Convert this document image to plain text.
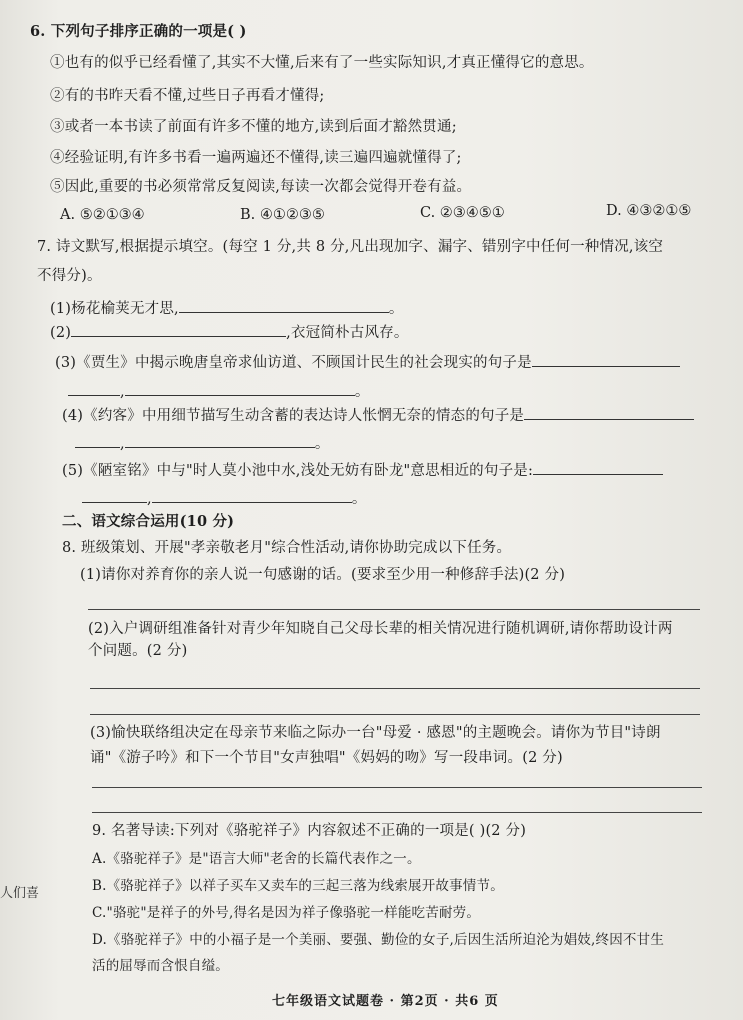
6. 下列句子排序正确的一项是( )
①也有的似乎已经看懂了,其实不大懂,后来有了一些实际知识,才真正懂得它的意思。
②有的书昨天看不懂,过些日子再看才懂得;
③或者一本书读了前面有许多不懂的地方,读到后面才豁然贯通;
④经验证明,有许多书看一遍两遍还不懂得,读三遍四遍就懂得了;
⑤因此,重要的书必须常常反复阅读,每读一次都会觉得开卷有益。
A. ⑤②①③④	B. ④①②③⑤	C. ②③④⑤①	D. ④③②①⑤
7. 诗文默写,根据提示填空。(每空 1 分,共 8 分,凡出现加字、漏字、错别字中任何一种情况,该空
不得分)。
(1)杨花榆荚无才思,	。
(2)	,衣冠简朴古风存。
(3)《贾生》中揭示晚唐皇帝求仙访道、不顾国计民生的社会现实的句子是
,	。
(4)《约客》中用细节描写生动含蓄的表达诗人怅惘无奈的情态的句子是
,	。
(5)《陋室铭》中与"时人莫小池中水,浅处无妨有卧龙"意思相近的句子是:
,	。
二、语文综合运用(10 分)
8. 班级策划、开展"孝亲敬老月"综合性活动,请你协助完成以下任务。
(1)请你对养育你的亲人说一句感谢的话。(要求至少用一种修辞手法)(2 分)
(2)入户调研组准备针对青少年知晓自己父母长辈的相关情况进行随机调研,请你帮助设计两
个问题。(2 分)
(3)愉快联络组决定在母亲节来临之际办一台"母爱 · 感恩"的主题晚会。请你为节目"诗朗
诵"《游子吟》和下一个节目"女声独唱"《妈妈的吻》写一段串词。(2 分)
9. 名著导读:下列对《骆驼祥子》内容叙述不正确的一项是( )(2 分)
A.《骆驼祥子》是"语言大师"老舍的长篇代表作之一。
B.《骆驼祥子》以祥子买车又卖车的三起三落为线索展开故事情节。
C."骆驼"是祥子的外号,得名是因为祥子像骆驼一样能吃苦耐劳。
D.《骆驼祥子》中的小福子是一个美丽、要强、勤俭的女子,后因生活所迫沦为娼妓,终因不甘生
活的屈辱而含恨自缢。
人们喜
七年级语文试题卷 · 第2页 · 共6 页
